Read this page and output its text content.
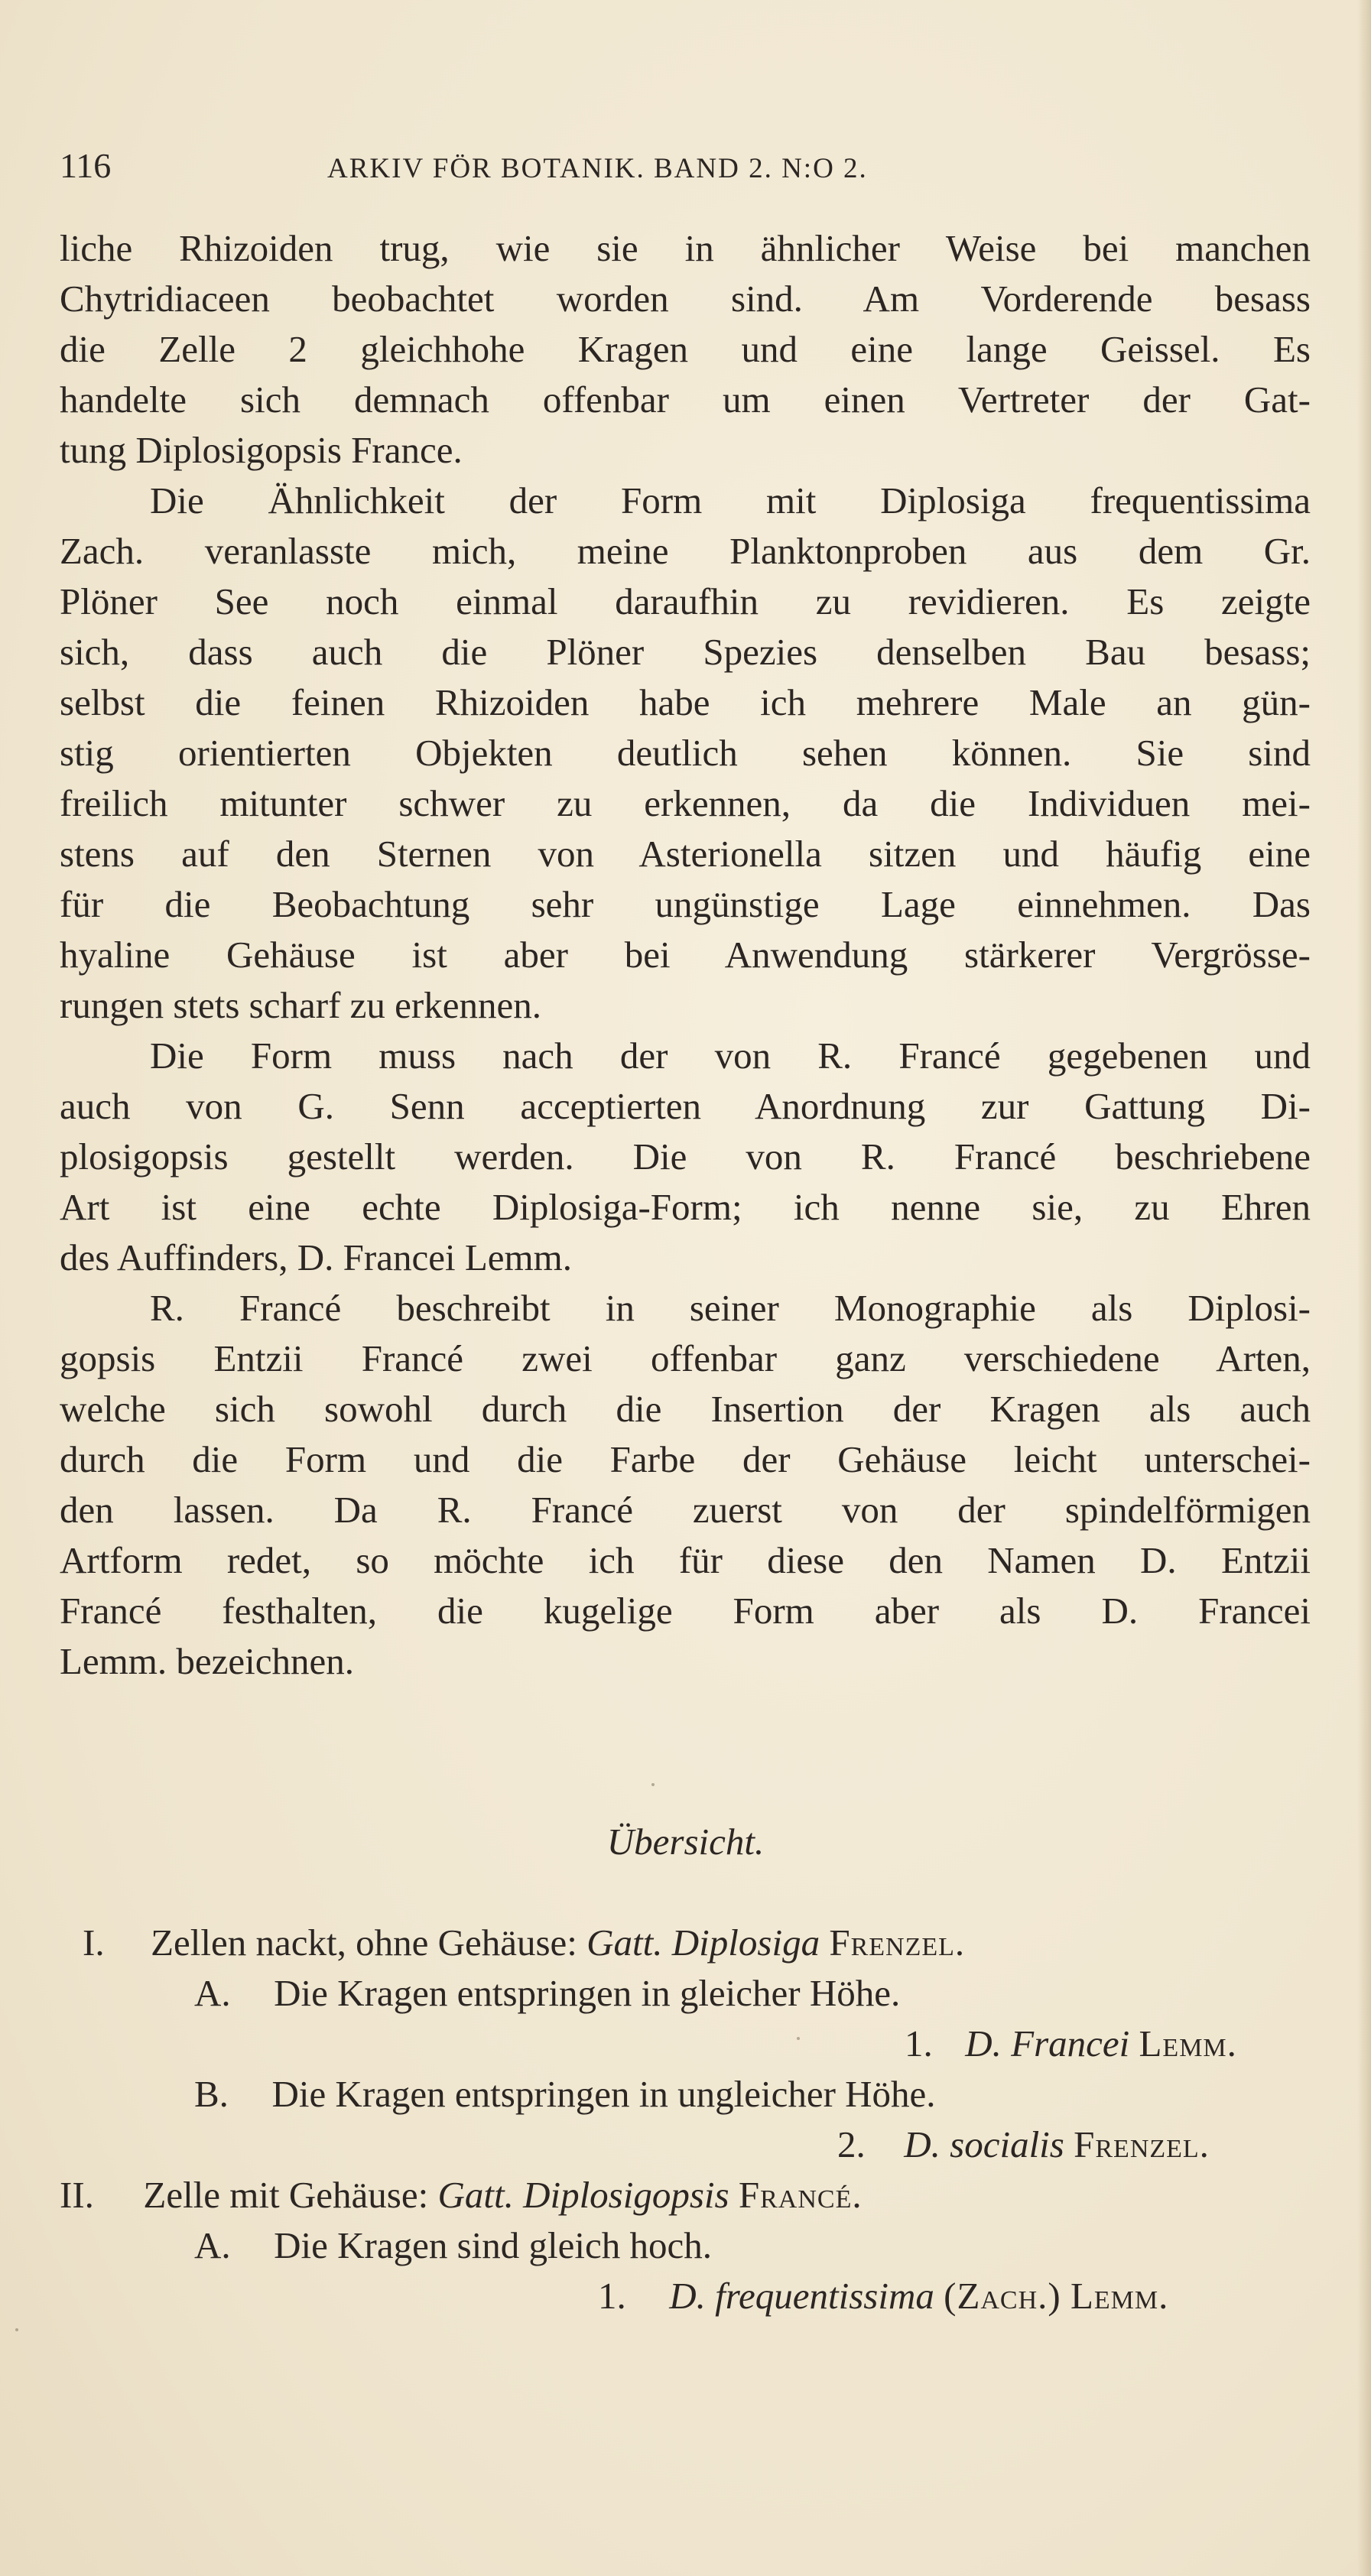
116	ARKIV FÖR BOTANIK. BAND 2. N:O 2.
liche Rhizoiden trug, wie sie in ähnlicher Weise bei manchen
Chytridiaceen beobachtet worden sind. Am Vorderende besass
die Zelle 2 gleichhohe Kragen und eine lange Geissel. Es
handelte sich demnach offenbar um einen Vertreter der Gat-
tung Diplosigopsis France.
Die Ähnlichkeit der Form mit Diplosiga frequentissima
Zach. veranlasste mich, meine Planktonproben aus dem Gr.
Plöner See noch einmal daraufhin zu revidieren. Es zeigte
sich, dass auch die Plöner Spezies denselben Bau besass;
selbst die feinen Rhizoiden habe ich mehrere Male an gün-
stig orientierten Objekten deutlich sehen können. Sie sind
freilich mitunter schwer zu erkennen, da die Individuen mei-
stens auf den Sternen von Asterionella sitzen und häufig eine
für die Beobachtung sehr ungünstige Lage einnehmen. Das
hyaline Gehäuse ist aber bei Anwendung stärkerer Vergrösse-
rungen stets scharf zu erkennen.
Die Form muss nach der von R. Francé gegebenen und
auch von G. Senn acceptierten Anordnung zur Gattung Di-
plosigopsis gestellt werden. Die von R. Francé beschriebene
Art ist eine echte Diplosiga-Form; ich nenne sie, zu Ehren
des Auffinders, D. Francei Lemm.
R. Francé beschreibt in seiner Monographie als Diplosi-
gopsis Entzii Francé zwei offenbar ganz verschiedene Arten,
welche sich sowohl durch die Insertion der Kragen als auch
durch die Form und die Farbe der Gehäuse leicht unterschei-
den lassen. Da R. Francé zuerst von der spindelförmigen
Artform redet, so möchte ich für diese den Namen D. Entzii
Francé festhalten, die kugelige Form aber als D. Francei
Lemm. bezeichnen.
Übersicht.
I. Zellen nackt, ohne Gehäuse: Gatt. Diplosiga Frenzel.
A. Die Kragen entspringen in gleicher Höhe.
1. D. Francei Lemm.
B. Die Kragen entspringen in ungleicher Höhe.
2. D. socialis Frenzel.
II. Zelle mit Gehäuse: Gatt. Diplosigopsis Francé.
A. Die Kragen sind gleich hoch.
1. D. frequentissima (Zach.) Lemm.
